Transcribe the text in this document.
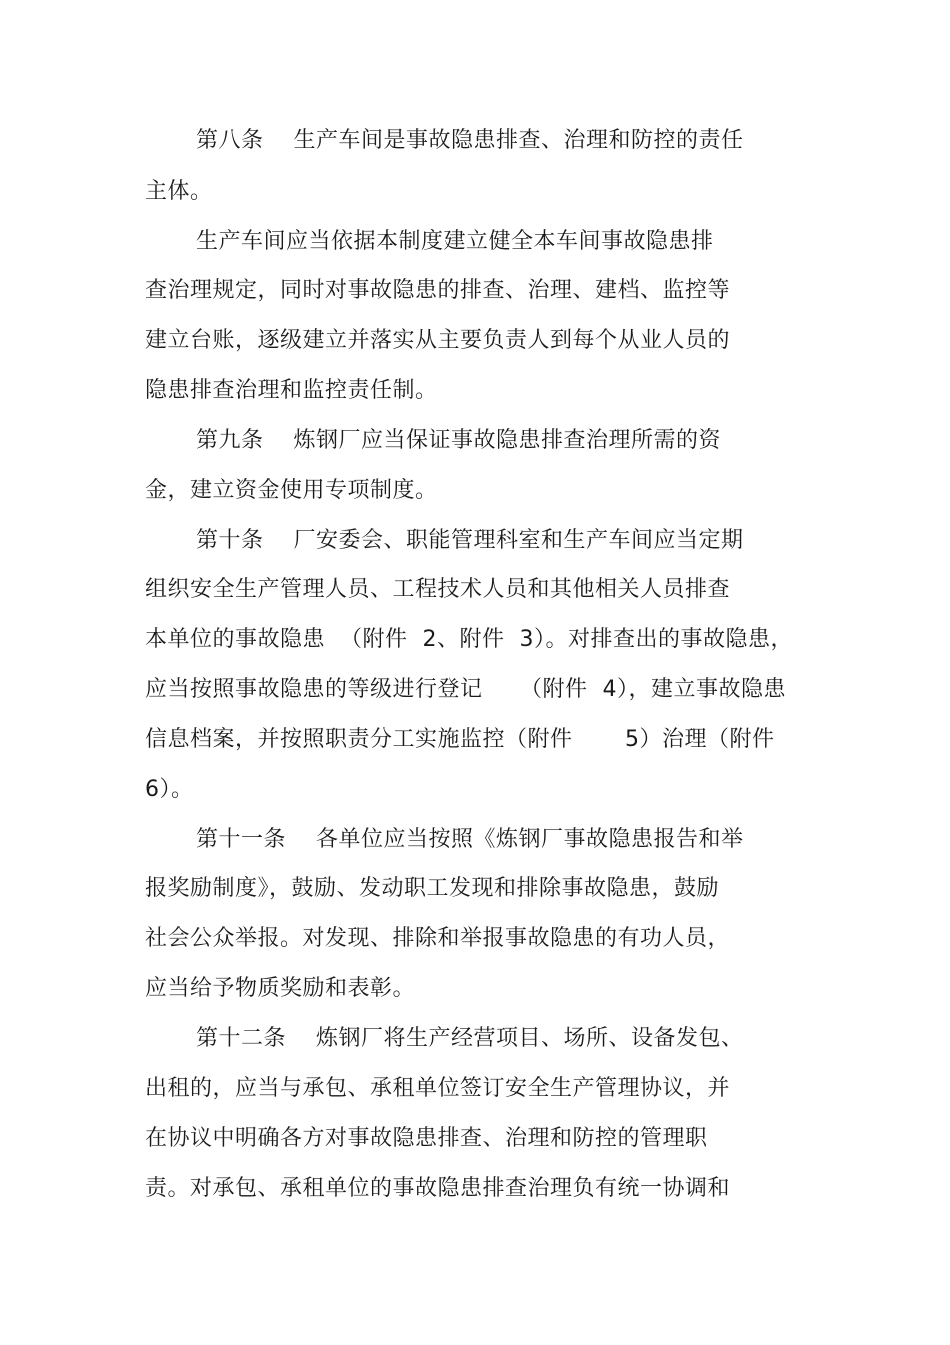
第八条    生产车间是事故隐患排查、治理和防控的责任
主体。
生产车间应当依据本制度建立健全本车间事故隐患排
查治理规定，同时对事故隐患的排查、治理、建档、监控等
建立台账，逐级建立并落实从主要负责人到每个从业人员的
隐患排查治理和监控责任制。
第九条    炼钢厂应当保证事故隐患排查治理所需的资
金，建立资金使用专项制度。
第十条    厂安委会、职能管理科室和生产车间应当定期
组织安全生产管理人员、工程技术人员和其他相关人员排查
本单位的事故隐患  （附件  2、附件  3）。对排查出的事故隐患，
应当按照事故隐患的等级进行登记     （附件  4），建立事故隐患
信息档案，并按照职责分工实施监控（附件       5）治理（附件
6）。
第十一条    各单位应当按照《炼钢厂事故隐患报告和举
报奖励制度》，鼓励、发动职工发现和排除事故隐患，鼓励
社会公众举报。对发现、排除和举报事故隐患的有功人员，
应当给予物质奖励和表彰。
第十二条    炼钢厂将生产经营项目、场所、设备发包、
出租的，应当与承包、承租单位签订安全生产管理协议，并
在协议中明确各方对事故隐患排查、治理和防控的管理职
责。对承包、承租单位的事故隐患排查治理负有统一协调和
